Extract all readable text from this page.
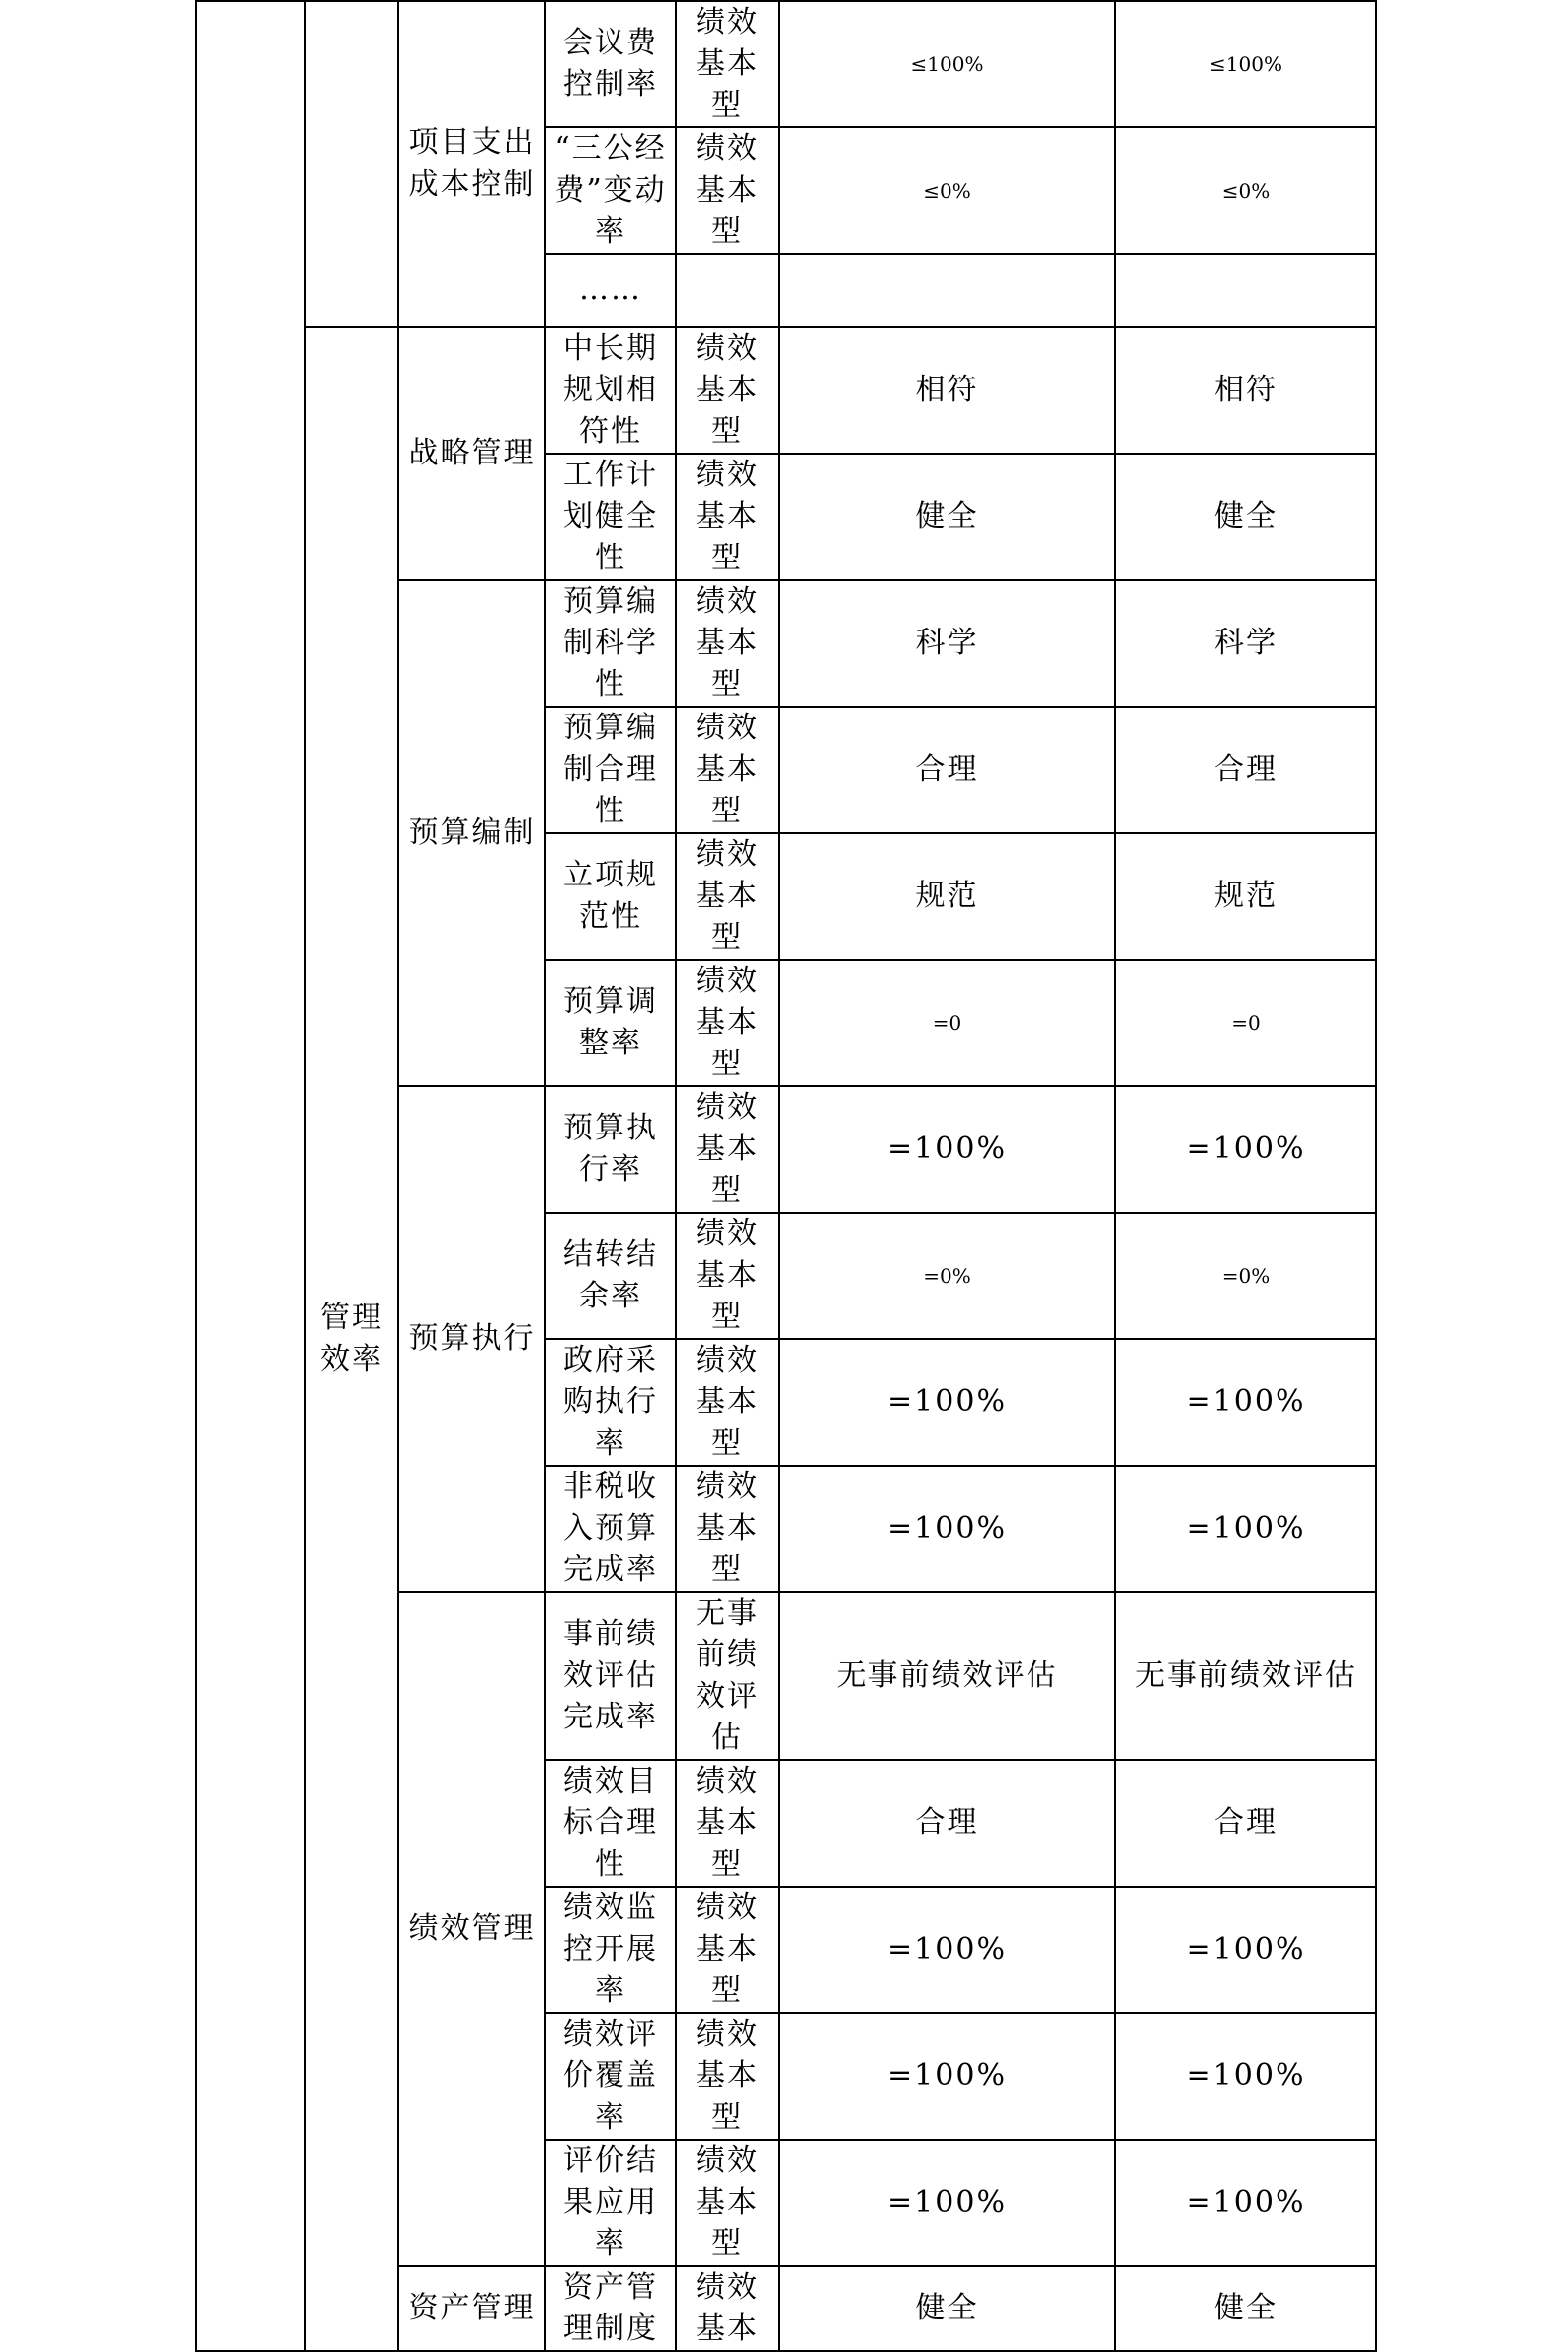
		项目支出成本控制	会议费控制率	绩效基本型	≤100%	≤100%
			“三公经费”变动率	绩效基本型	≤0%	≤0%
			……			
	管理效率	战略管理	中长期规划相符性	绩效基本型	相符	相符
			工作计划健全性	绩效基本型	健全	健全
		预算编制	预算编制科学性	绩效基本型	科学	科学
			预算编制合理性	绩效基本型	合理	合理
			立项规范性	绩效基本型	规范	规范
			预算调整率	绩效基本型	=0	=0
		预算执行	预算执行率	绩效基本型	=100%	=100%
			结转结余率	绩效基本型	=0%	=0%
			政府采购执行率	绩效基本型	=100%	=100%
			非税收入预算完成率	绩效基本型	=100%	=100%
		绩效管理	事前绩效评估完成率	无事前绩效评估	无事前绩效评估	无事前绩效评估
			绩效目标合理性	绩效基本型	合理	合理
			绩效监控开展率	绩效基本型	=100%	=100%
			绩效评价覆盖率	绩效基本型	=100%	=100%
			评价结果应用率	绩效基本型	=100%	=100%
		资产管理	资产管理制度	绩效基本	健全	健全
